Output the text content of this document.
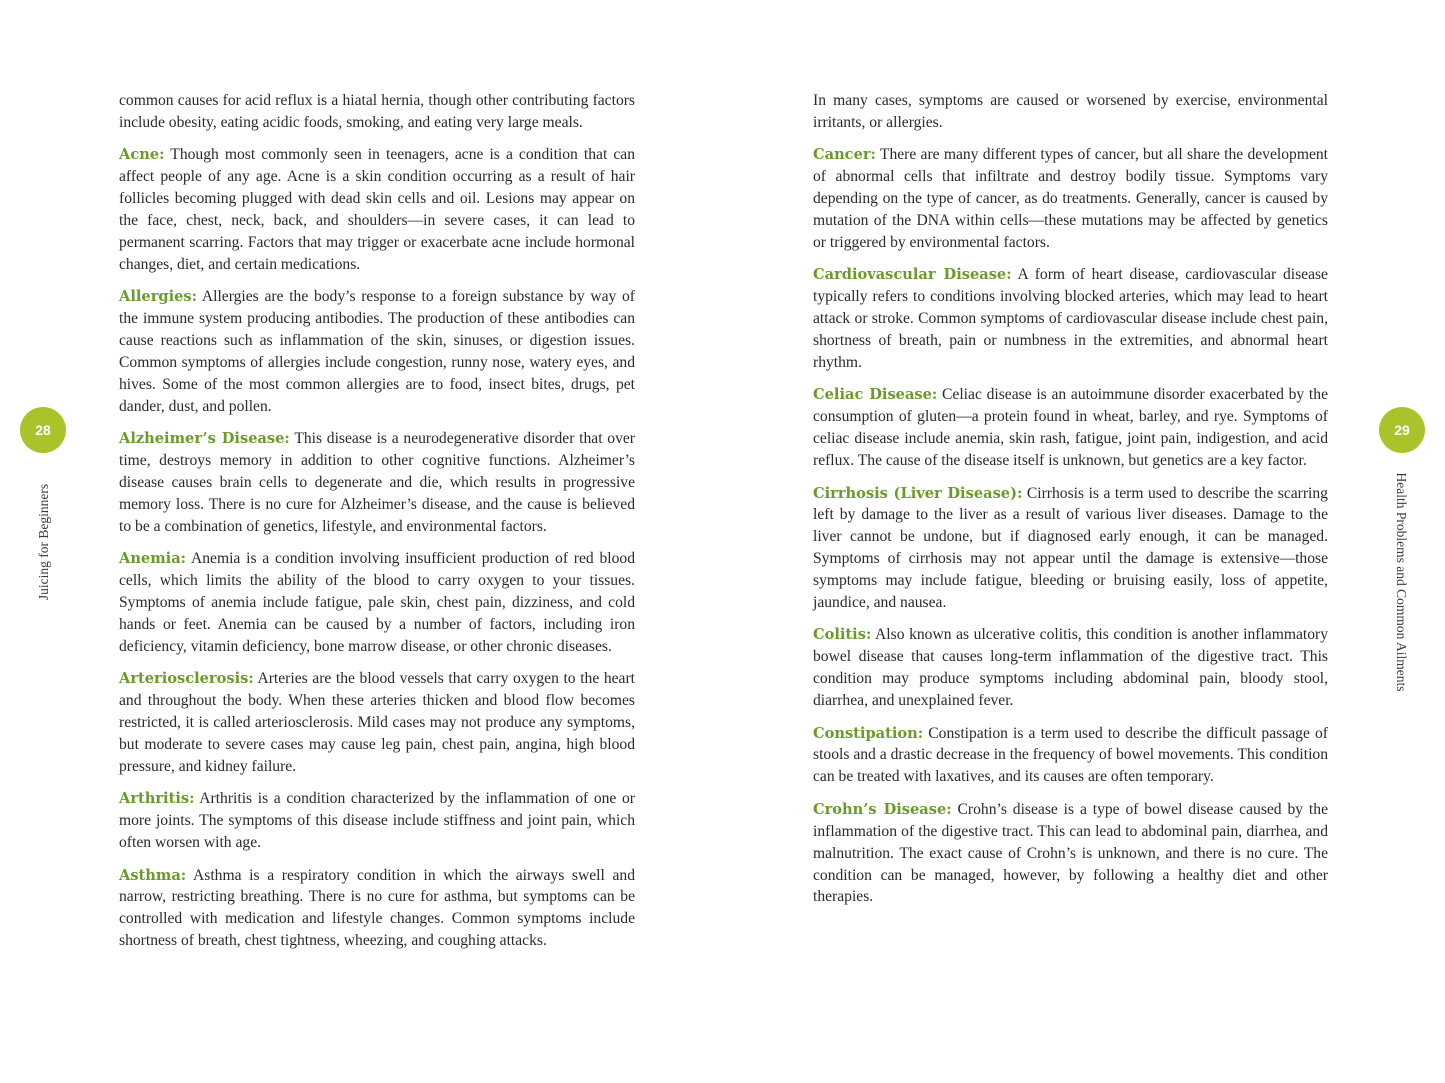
28
Juicing for Beginners

common causes for acid reflux is a hiatal hernia, though other contributing factors include obesity, eating acidic foods, smoking, and eating very large meals.

Acne: Though most commonly seen in teenagers, acne is a condition that can affect people of any age. Acne is a skin condition occurring as a result of hair follicles becoming plugged with dead skin cells and oil. Lesions may appear on the face, chest, neck, back, and shoulders—in severe cases, it can lead to permanent scarring. Factors that may trigger or exacerbate acne include hormonal changes, diet, and certain medications.

Allergies: Allergies are the body’s response to a foreign substance by way of the immune system producing antibodies. The production of these antibodies can cause reactions such as inflammation of the skin, sinuses, or digestion issues. Common symptoms of allergies include congestion, runny nose, watery eyes, and hives. Some of the most common allergies are to food, insect bites, drugs, pet dander, dust, and pollen.

Alzheimer’s Disease: This disease is a neurodegenerative disorder that over time, destroys memory in addition to other cognitive functions. Alzheimer’s disease causes brain cells to degenerate and die, which results in progressive memory loss. There is no cure for Alzheimer’s disease, and the cause is believed to be a combination of genetics, lifestyle, and environmental factors.

Anemia: Anemia is a condition involving insufficient production of red blood cells, which limits the ability of the blood to carry oxygen to your tissues. Symptoms of anemia include fatigue, pale skin, chest pain, dizziness, and cold hands or feet. Anemia can be caused by a number of factors, including iron deficiency, vitamin deficiency, bone marrow disease, or other chronic diseases.

Arteriosclerosis: Arteries are the blood vessels that carry oxygen to the heart and throughout the body. When these arteries thicken and blood flow becomes restricted, it is called arteriosclerosis. Mild cases may not produce any symptoms, but moderate to severe cases may cause leg pain, chest pain, angina, high blood pressure, and kidney failure.

Arthritis: Arthritis is a condition characterized by the inflammation of one or more joints. The symptoms of this disease include stiffness and joint pain, which often worsen with age.

Asthma: Asthma is a respiratory condition in which the airways swell and narrow, restricting breathing. There is no cure for asthma, but symptoms can be controlled with medication and lifestyle changes. Common symptoms include shortness of breath, chest tightness, wheezing, and coughing attacks.

29
Health Problems and Common Ailments

In many cases, symptoms are caused or worsened by exercise, environmental irritants, or allergies.

Cancer: There are many different types of cancer, but all share the development of abnormal cells that infiltrate and destroy bodily tissue. Symptoms vary depending on the type of cancer, as do treatments. Generally, cancer is caused by mutation of the DNA within cells—these mutations may be affected by genetics or triggered by environmental factors.

Cardiovascular Disease: A form of heart disease, cardiovascular disease typically refers to conditions involving blocked arteries, which may lead to heart attack or stroke. Common symptoms of cardiovascular disease include chest pain, shortness of breath, pain or numbness in the extremities, and abnormal heart rhythm.

Celiac Disease: Celiac disease is an autoimmune disorder exacerbated by the consumption of gluten—a protein found in wheat, barley, and rye. Symptoms of celiac disease include anemia, skin rash, fatigue, joint pain, indigestion, and acid reflux. The cause of the disease itself is unknown, but genetics are a key factor.

Cirrhosis (Liver Disease): Cirrhosis is a term used to describe the scarring left by damage to the liver as a result of various liver diseases. Damage to the liver cannot be undone, but if diagnosed early enough, it can be managed. Symptoms of cirrhosis may not appear until the damage is extensive—those symptoms may include fatigue, bleeding or bruising easily, loss of appetite, jaundice, and nausea.

Colitis: Also known as ulcerative colitis, this condition is another inflammatory bowel disease that causes long-term inflammation of the digestive tract. This condition may produce symptoms including abdominal pain, bloody stool, diarrhea, and unexplained fever.

Constipation: Constipation is a term used to describe the difficult passage of stools and a drastic decrease in the frequency of bowel movements. This condition can be treated with laxatives, and its causes are often temporary.

Crohn’s Disease: Crohn’s disease is a type of bowel disease caused by the inflammation of the digestive tract. This can lead to abdominal pain, diarrhea, and malnutrition. The exact cause of Crohn’s is unknown, and there is no cure. The condition can be managed, however, by following a healthy diet and other therapies.
